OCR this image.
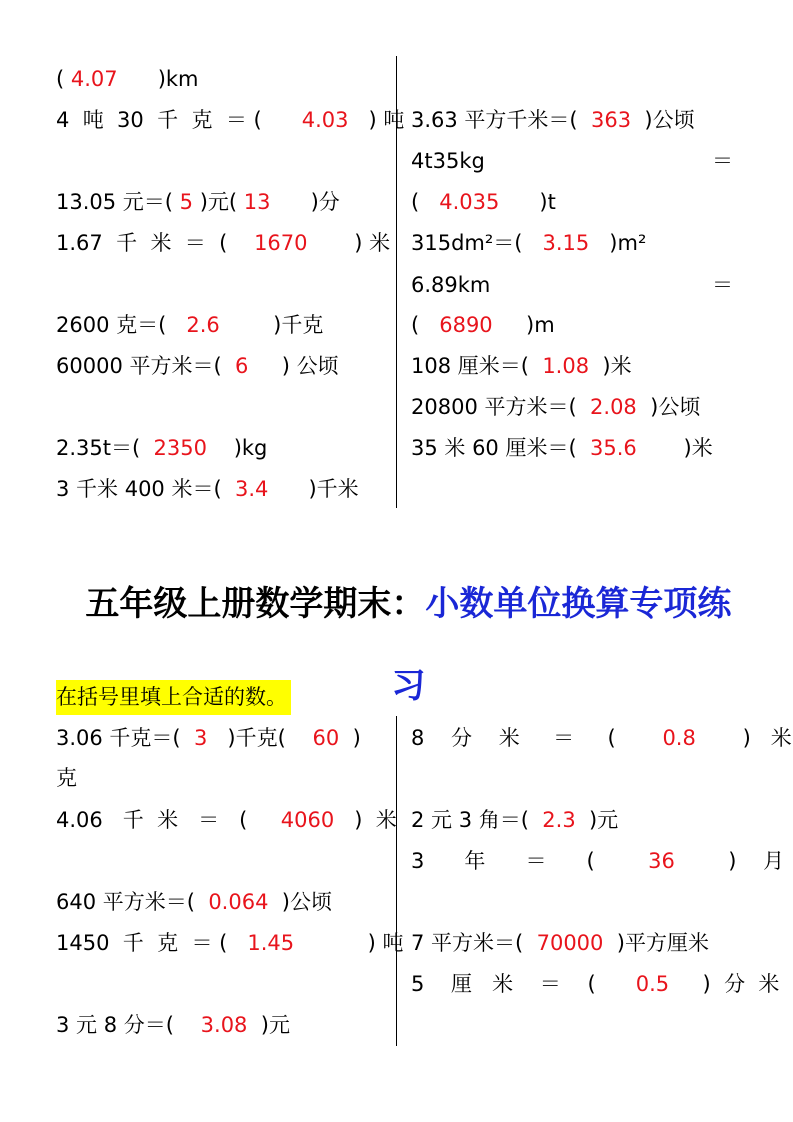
( 4.07      )km
4  吨  30  千  克  ＝ (      4.03   ) 吨
13.05 元＝( 5 )元( 13      )分
1.67  千  米  ＝  (    1670       ) 米
2600 克＝(   2.6        )千克
60000 平方米＝(  6     ) 公顷
2.35t＝(  2350    )kg
3 千米 400 米＝(  3.4      )千米
3.63 平方千米＝(  363  )公顷
4t35kg
(   4.035      )t
315dm²＝(   3.15   )m²
6.89km
(   6890     )m
108 厘米＝(  1.08  )米
20800 平方米＝(  2.08  )公顷
35 米 60 厘米＝(  35.6       )米
＝
＝

五年级上册数学期末：小数单位换算专项练

习

在括号里填上合适的数。
3.06 千克＝(  3   )千克(    60  )
克
4.06   千  米   ＝   (     4060   )  米
640 平方米＝(  0.064  )公顷
1450  千  克  ＝ (   1.45           ) 吨
3 元 8 分＝(    3.08  )元
8    分    米     ＝     (       0.8       )   米
2 元 3 角＝(  2.3  )元
3      年      ＝      (        36        )    月
7 平方米＝(  70000  )平方厘米
5    厘   米    ＝    (      0.5     )  分  米
